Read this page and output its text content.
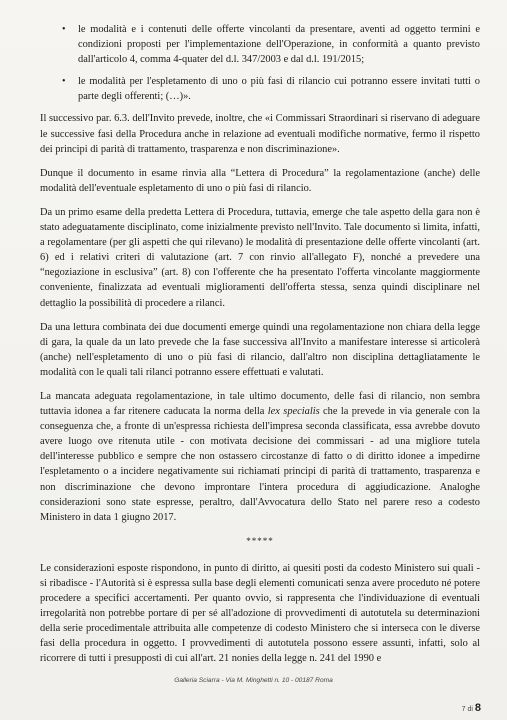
• le modalità e i contenuti delle offerte vincolanti da presentare, aventi ad oggetto termini e condizioni proposti per l'implementazione dell'Operazione, in conformità a quanto previsto dall'articolo 4, comma 4-quater del d.l. 347/2003 e dal d.l. 191/2015;
• le modalità per l'espletamento di uno o più fasi di rilancio cui potranno essere invitati tutti o parte degli offerenti; (…)».

Il successivo par. 6.3. dell'Invito prevede, inoltre, che «i Commissari Straordinari si riservano di adeguare le successive fasi della Procedura anche in relazione ad eventuali modifiche normative, fermo il rispetto dei principi di parità di trattamento, trasparenza e non discriminazione».

Dunque il documento in esame rinvia alla “Lettera di Procedura” la regolamentazione (anche) delle modalità dell'eventuale espletamento di uno o più fasi di rilancio.

Da un primo esame della predetta Lettera di Procedura, tuttavia, emerge che tale aspetto della gara non è stato adeguatamente disciplinato, come inizialmente previsto nell'Invito. Tale documento si limita, infatti, a regolamentare (per gli aspetti che qui rilevano) le modalità di presentazione delle offerte vincolanti (art. 6) ed i relativi criteri di valutazione (art. 7 con rinvio all'allegato F), nonché a prevedere una “negoziazione in esclusiva” (art. 8) con l'offerente che ha presentato l'offerta vincolante maggiormente conveniente, finalizzata ad eventuali miglioramenti dell'offerta stessa, senza quindi disciplinare nel dettaglio la possibilità di procedere a rilanci.

Da una lettura combinata dei due documenti emerge quindi una regolamentazione non chiara della legge di gara, la quale da un lato prevede che la fase successiva all'Invito a manifestare interesse si articolerà (anche) nell'espletamento di uno o più fasi di rilancio, dall'altro non disciplina dettagliatamente le modalità con le quali tali rilanci potranno essere effettuati e valutati.

La mancata adeguata regolamentazione, in tale ultimo documento, delle fasi di rilancio, non sembra tuttavia idonea a far ritenere caducata la norma della lex specialis che la prevede in via generale con la conseguenza che, a fronte di un'espressa richiesta dell'impresa seconda classificata, essa avrebbe dovuto avere luogo ove ritenuta utile - con motivata decisione dei commissari - ad una migliore tutela dell'interesse pubblico e sempre che non ostassero circostanze di fatto o di diritto idonee a impedirne l'espletamento o a incidere negativamente sui richiamati principi di parità di trattamento, trasparenza e non discriminazione che devono improntare l'intera procedura di aggiudicazione. Analoghe considerazioni sono state espresse, peraltro, dall'Avvocatura dello Stato nel parere reso a codesto Ministero in data 1 giugno 2017.

*****

Le considerazioni esposte rispondono, in punto di diritto, ai quesiti posti da codesto Ministero sui quali - si ribadisce - l'Autorità si è espressa sulla base degli elementi comunicati senza avere proceduto né potere procedere a specifici accertamenti. Per quanto ovvio, si rappresenta che l'individuazione di eventuali irregolarità non potrebbe portare di per sé all'adozione di provvedimenti di autotutela su determinazioni della serie procedimentale attribuita alle competenze di codesto Ministero che si interseca con le diverse fasi della procedura in oggetto. I provvedimenti di autotutela possono essere assunti, infatti, solo al ricorrere di tutti i presupposti di cui all'art. 21 nonies della legge n. 241 del 1990 e

Galleria Sciarra - Via M. Minghetti n. 10 - 00187 Roma
7 di 8
